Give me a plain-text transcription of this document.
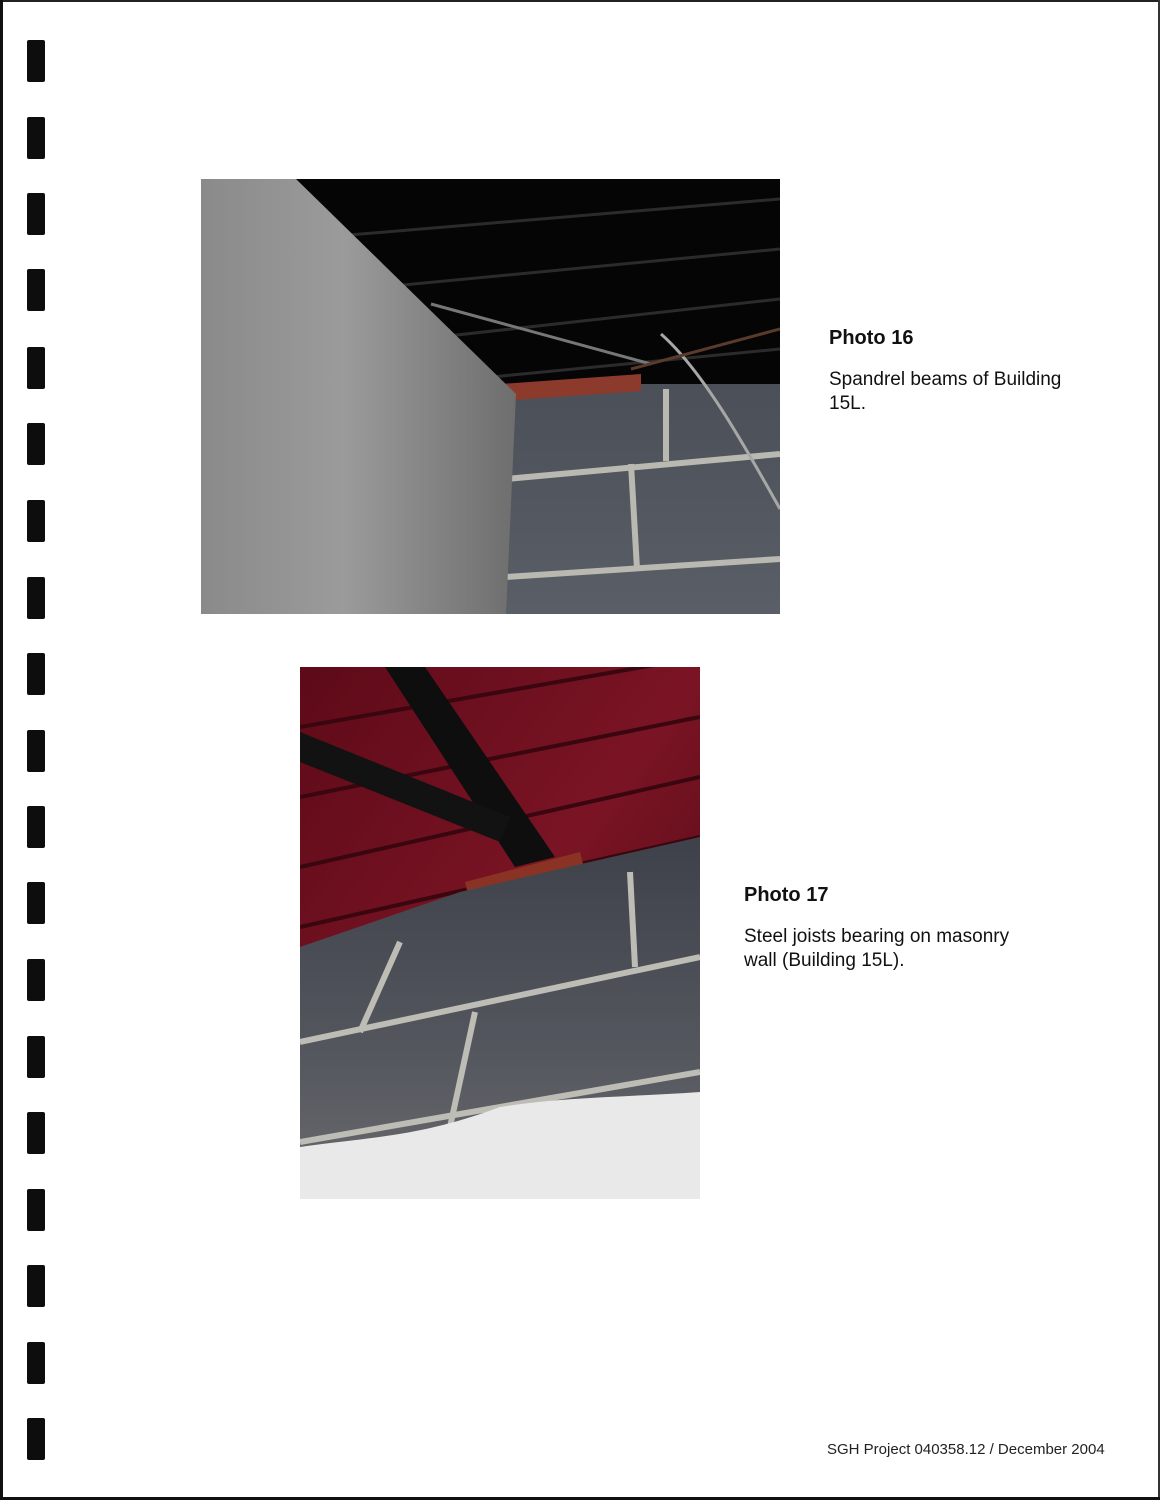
Photo 16
Spandrel beams of Building 15L.
Photo 17
Steel joists bearing on masonry wall (Building 15L).
SGH Project 040358.12 / December 2004
